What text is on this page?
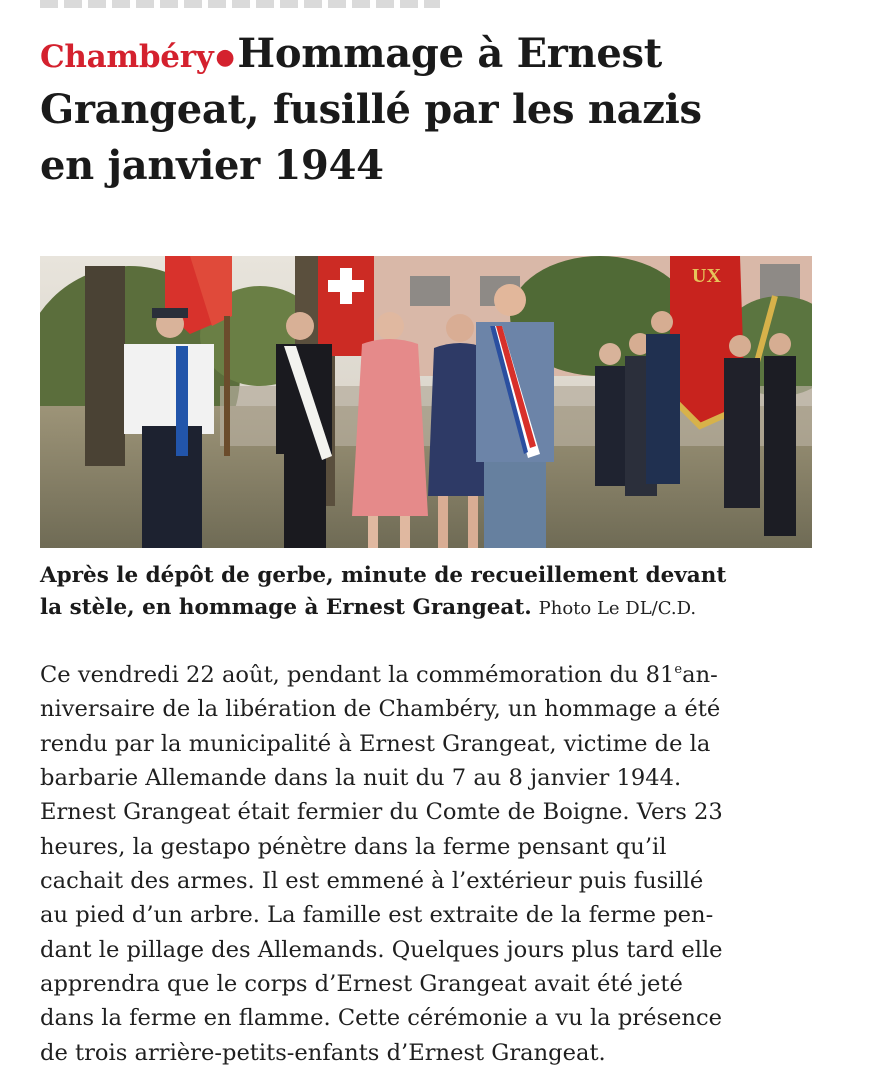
Chambéry●Hommage à Ernest
Grangeat, fusillé par les nazis
en janvier 1944
UX

Après le dépôt de gerbe, minute de recueillement devant
la stèle, en hommage à Ernest Grangeat. Photo Le DL/C.D.

Ce vendredi 22 août, pendant la commémoration du 81ean-
niversaire de la libération de Chambéry, un hommage a été
rendu par la municipalité à Ernest Grangeat, victime de la
barbarie Allemande dans la nuit du 7 au 8 janvier 1944.
Ernest Grangeat était fermier du Comte de Boigne. Vers 23
heures, la gestapo pénètre dans la ferme pensant qu’il
cachait des armes. Il est emmené à l’extérieur puis fusillé
au pied d’un arbre. La famille est extraite de la ferme pen-
dant le pillage des Allemands. Quelques jours plus tard elle
apprendra que le corps d’Ernest Grangeat avait été jeté
dans la ferme en flamme. Cette cérémonie a vu la présence
de trois arrière-petits-enfants d’Ernest Grangeat.
